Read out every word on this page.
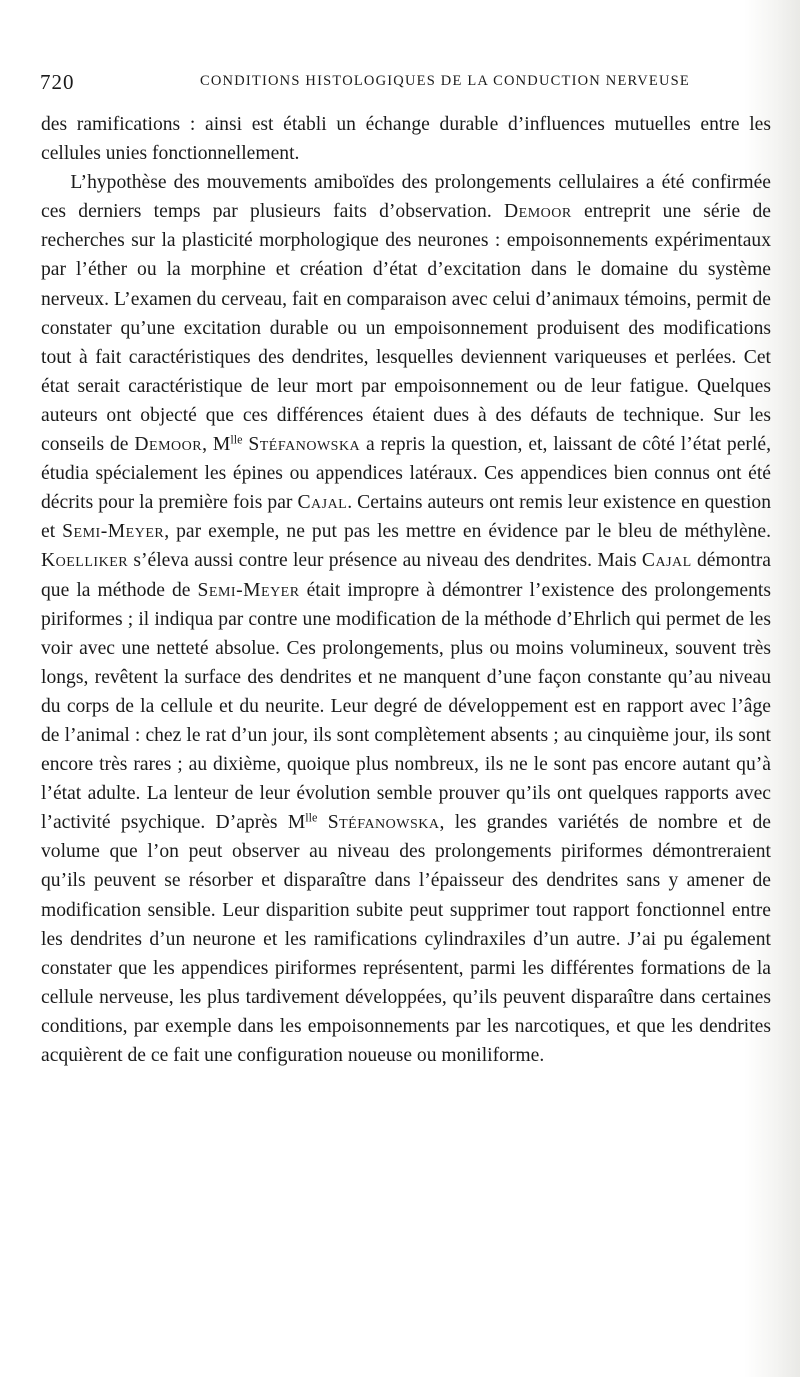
720	CONDITIONS HISTOLOGIQUES DE LA CONDUCTION NERVEUSE

des ramifications : ainsi est établi un échange durable d’influences mutuelles entre les cellules unies fonctionnellement.

L’hypothèse des mouvements amiboïdes des prolongements cellulaires a été confirmée ces derniers temps par plusieurs faits d’observation. Demoor entreprit une série de recherches sur la plasticité morphologique des neurones : empoisonnements expérimentaux par l’éther ou la morphine et création d’état d’excitation dans le domaine du système nerveux. L’examen du cerveau, fait en comparaison avec celui d’animaux témoins, permit de constater qu’une excitation durable ou un empoisonnement produisent des modifications tout à fait caractéristiques des dendrites, lesquelles deviennent variqueuses et perlées. Cet état serait caractéristique de leur mort par empoisonnement ou de leur fatigue. Quelques auteurs ont objecté que ces différences étaient dues à des défauts de technique. Sur les conseils de Demoor, $M^{lle}$ Stéfanowska a repris la question, et, laissant de côté l’état perlé, étudia spécialement les épines ou appendices latéraux. Ces appendices bien connus ont été décrits pour la première fois par Cajal. Certains auteurs ont remis leur existence en question et Semi-Meyer, par exemple, ne put pas les mettre en évidence par le bleu de méthylène. Koelliker s’éleva aussi contre leur présence au niveau des dendrites. Mais Cajal démontra que la méthode de Semi-Meyer était impropre à démontrer l’existence des prolongements piriformes ; il indiqua par contre une modification de la méthode d’Ehrlich qui permet de les voir avec une netteté absolue. Ces prolongements, plus ou moins volumineux, souvent très longs, revêtent la surface des dendrites et ne manquent d’une façon constante qu’au niveau du corps de la cellule et du neurite. Leur degré de développement est en rapport avec l’âge de l’animal : chez le rat d’un jour, ils sont complètement absents ; au cinquième jour, ils sont encore très rares ; au dixième, quoique plus nombreux, ils ne le sont pas encore autant qu’à l’état adulte. La lenteur de leur évolution semble prouver qu’ils ont quelques rapports avec l’activité psychique. D’après $M^{lle}$ Stéfanowska, les grandes variétés de nombre et de volume que l’on peut observer au niveau des prolongements piriformes démontreraient qu’ils peuvent se résorber et disparaître dans l’épaisseur des dendrites sans y amener de modification sensible. Leur disparition subite peut supprimer tout rapport fonctionnel entre les dendrites d’un neurone et les ramifications cylindraxiles d’un autre. J’ai pu également constater que les appendices piriformes représentent, parmi les différentes formations de la cellule nerveuse, les plus tardivement développées, qu’ils peuvent disparaître dans certaines conditions, par exemple dans les empoisonnements par les narcotiques, et que les dendrites acquièrent de ce fait une configuration noueuse ou moniliforme.
